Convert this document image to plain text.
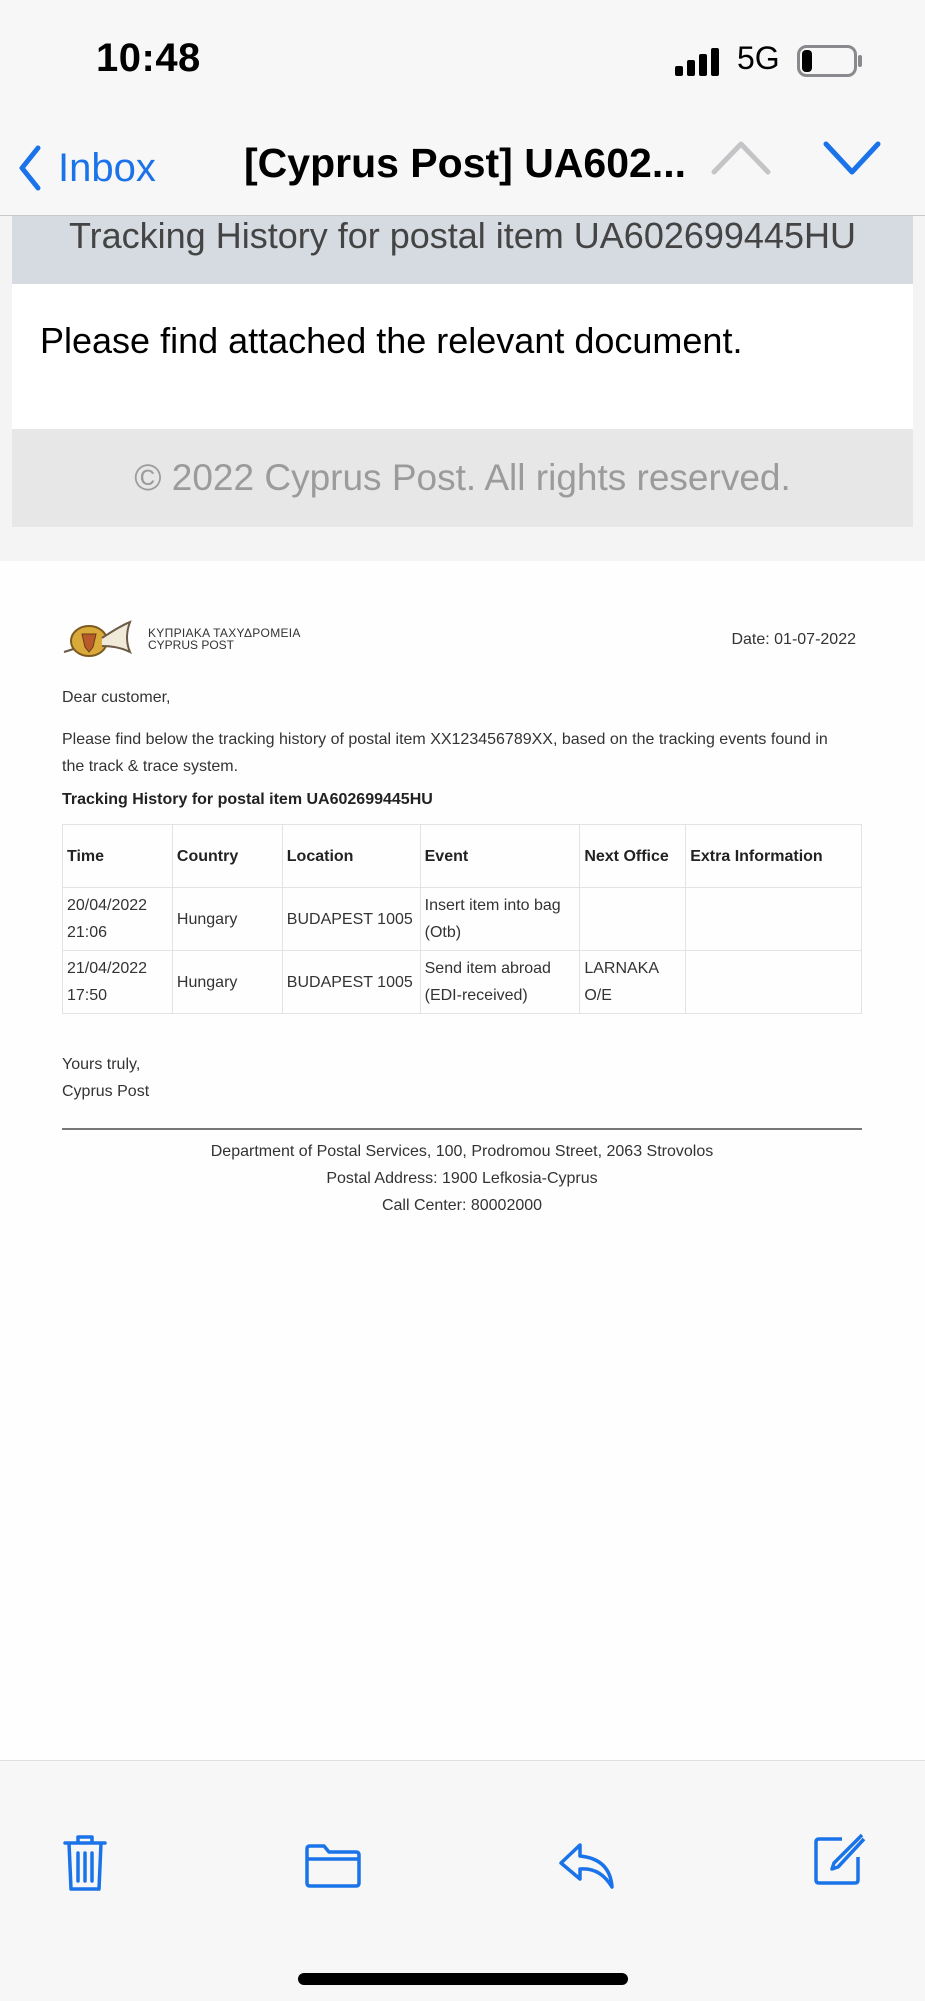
10:48	5G
Inbox [Cyprus Post] UA602...
Tracking History for postal item UA602699445HU
Please find attached the relevant document.
© 2022 Cyprus Post. All rights reserved.
ΚΥΠΡΙΑΚΑ ΤΑΧΥΔΡΟΜΕΙΑ
CYPRUS POST	Date: 01-07-2022
Dear customer,
Please find below the tracking history of postal item XX123456789XX, based on the tracking events found in the track & trace system.
Tracking History for postal item UA602699445HU
Time	Country	Location	Event	Next Office	Extra Information
20/04/2022 21:06	Hungary	BUDAPEST 1005	Insert item into bag (Otb)		
21/04/2022 17:50	Hungary	BUDAPEST 1005	Send item abroad (EDI-received)	LARNAKA O/E	
Yours truly,
Cyprus Post
Department of Postal Services, 100, Prodromou Street, 2063 Strovolos
Postal Address: 1900 Lefkosia-Cyprus
Call Center: 80002000
